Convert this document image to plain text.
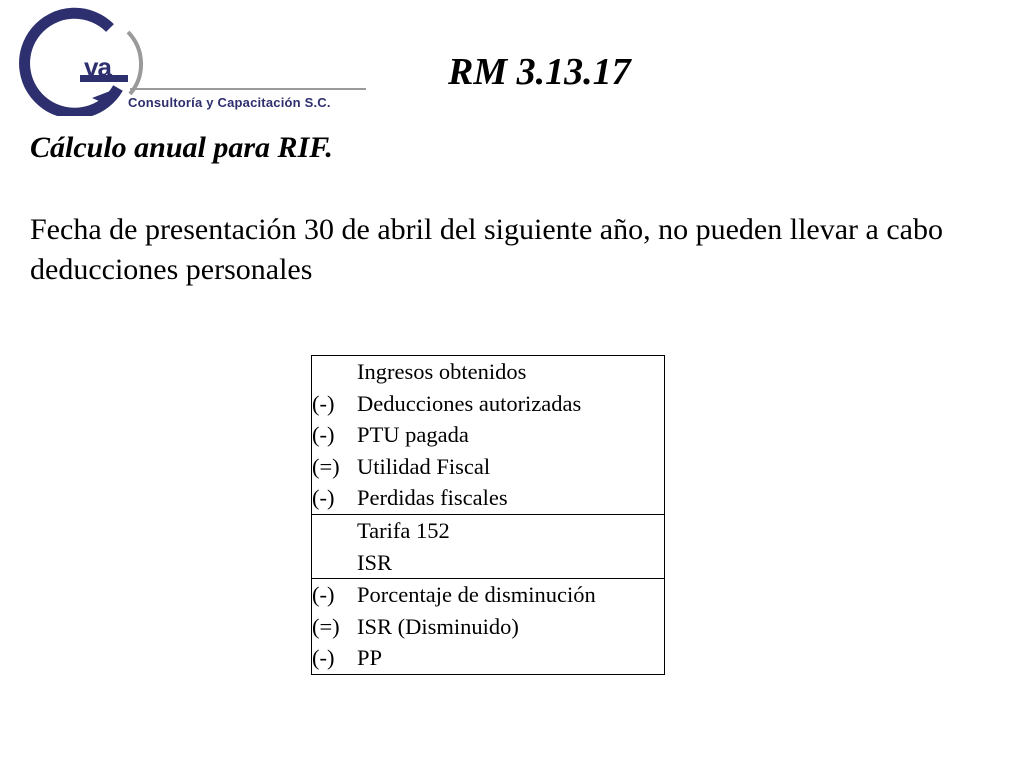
va
Consultoría y Capacitación S.C.
RM 3.13.17
Cálculo anual para RIF.
Fecha de presentación 30 de abril del siguiente año, no pueden llevar a cabo deducciones personales
	Ingresos obtenidos
(-)	Deducciones autorizadas
(-)	PTU pagada
(=)	Utilidad Fiscal
(-)	Perdidas fiscales
	Tarifa 152
	ISR
(-)	Porcentaje de disminución
(=)	ISR (Disminuido)
(-)	PP
